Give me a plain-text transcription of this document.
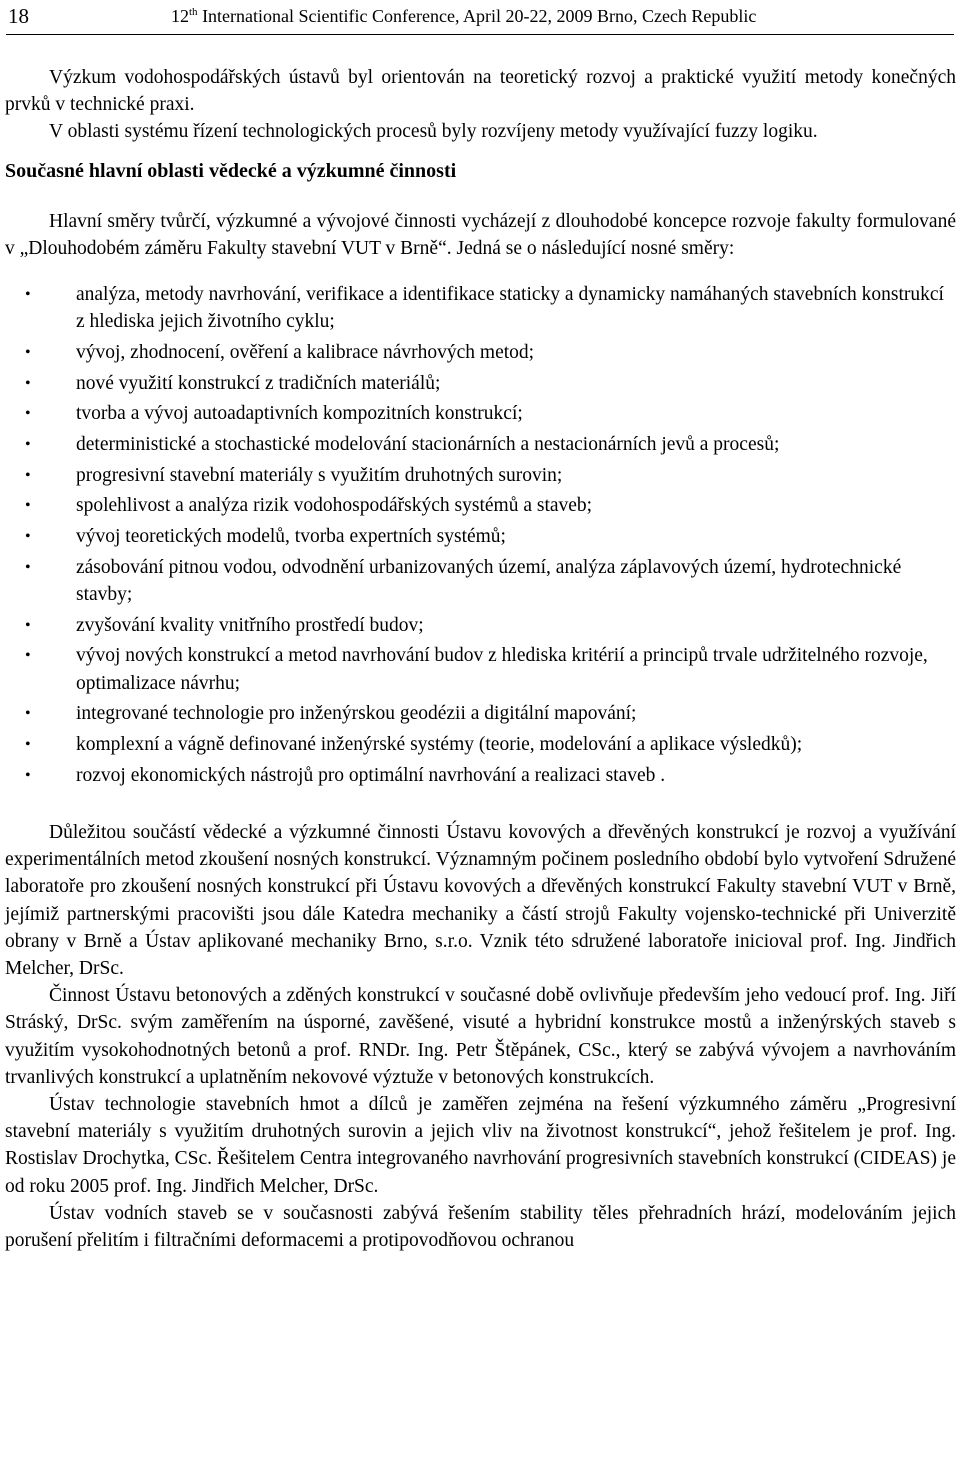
18	12th International Scientific Conference, April 20-22, 2009 Brno, Czech Republic

Výzkum vodohospodářských ústavů byl orientován na teoretický rozvoj a praktické využití metody konečných prvků v technické praxi.

V oblasti systému řízení technologických procesů byly rozvíjeny metody využívající fuzzy logiku.

Současné hlavní oblasti vědecké a výzkumné činnosti

Hlavní směry tvůrčí, výzkumné a vývojové činnosti vycházejí z dlouhodobé koncepce rozvoje fakulty formulované v „Dlouhodobém záměru Fakulty stavební VUT v Brně“. Jedná se o následující nosné směry:

• analýza, metody navrhování, verifikace a identifikace staticky a dynamicky namáhaných stavebních konstrukcí z hlediska jejich životního cyklu;
• vývoj, zhodnocení, ověření a kalibrace návrhových metod;
• nové využití konstrukcí z tradičních materiálů;
• tvorba a vývoj autoadaptivních kompozitních konstrukcí;
• deterministické a stochastické modelování stacionárních a nestacionárních jevů a procesů;
• progresivní stavební materiály s využitím druhotných surovin;
• spolehlivost a analýza rizik vodohospodářských systémů a staveb;
• vývoj teoretických modelů, tvorba expertních systémů;
• zásobování pitnou vodou, odvodnění urbanizovaných území, analýza záplavových území, hydrotechnické stavby;
• zvyšování kvality vnitřního prostředí budov;
• vývoj nových konstrukcí a metod navrhování budov z hlediska kritérií a principů trvale udržitelného rozvoje, optimalizace návrhu;
• integrované technologie pro inženýrskou geodézii a digitální mapování;
• komplexní a vágně definované inženýrské systémy (teorie, modelování a aplikace výsledků);
• rozvoj ekonomických nástrojů pro optimální navrhování a realizaci staveb .

Důležitou součástí vědecké a výzkumné činnosti Ústavu kovových a dřevěných konstrukcí je rozvoj a využívání experimentálních metod zkoušení nosných konstrukcí. Významným počinem posledního období bylo vytvoření Sdružené laboratoře pro zkoušení nosných konstrukcí při Ústavu kovových a dřevěných konstrukcí Fakulty stavební VUT v Brně, jejímiž partnerskými pracovišti jsou dále Katedra mechaniky a částí strojů Fakulty vojensko-technické při Univerzitě obrany v Brně a Ústav aplikované mechaniky Brno, s.r.o. Vznik této sdružené laboratoře inicioval prof. Ing. Jindřich Melcher, DrSc.

Činnost Ústavu betonových a zděných konstrukcí v současné době ovlivňuje především jeho vedoucí prof. Ing. Jiří Stráský, DrSc. svým zaměřením na úsporné, zavěšené, visuté a hybridní konstrukce mostů a inženýrských staveb s využitím vysokohodnotných betonů a prof. RNDr. Ing. Petr Štěpánek, CSc., který se zabývá vývojem a navrhováním trvanlivých konstrukcí a uplatněním nekovové výztuže v betonových konstrukcích.

Ústav technologie stavebních hmot a dílců je zaměřen zejména na řešení výzkumného záměru „Progresivní stavební materiály s využitím druhotných surovin a jejich vliv na životnost konstrukcí“, jehož řešitelem je prof. Ing. Rostislav Drochytka, CSc. Řešitelem Centra integrovaného navrhování progresivních stavebních konstrukcí (CIDEAS) je od roku 2005 prof. Ing. Jindřich Melcher, DrSc.

Ústav vodních staveb se v současnosti zabývá řešením stability těles přehradních hrází, modelováním jejich porušení přelitím i filtračními deformacemi a protipovodňovou ochranou
